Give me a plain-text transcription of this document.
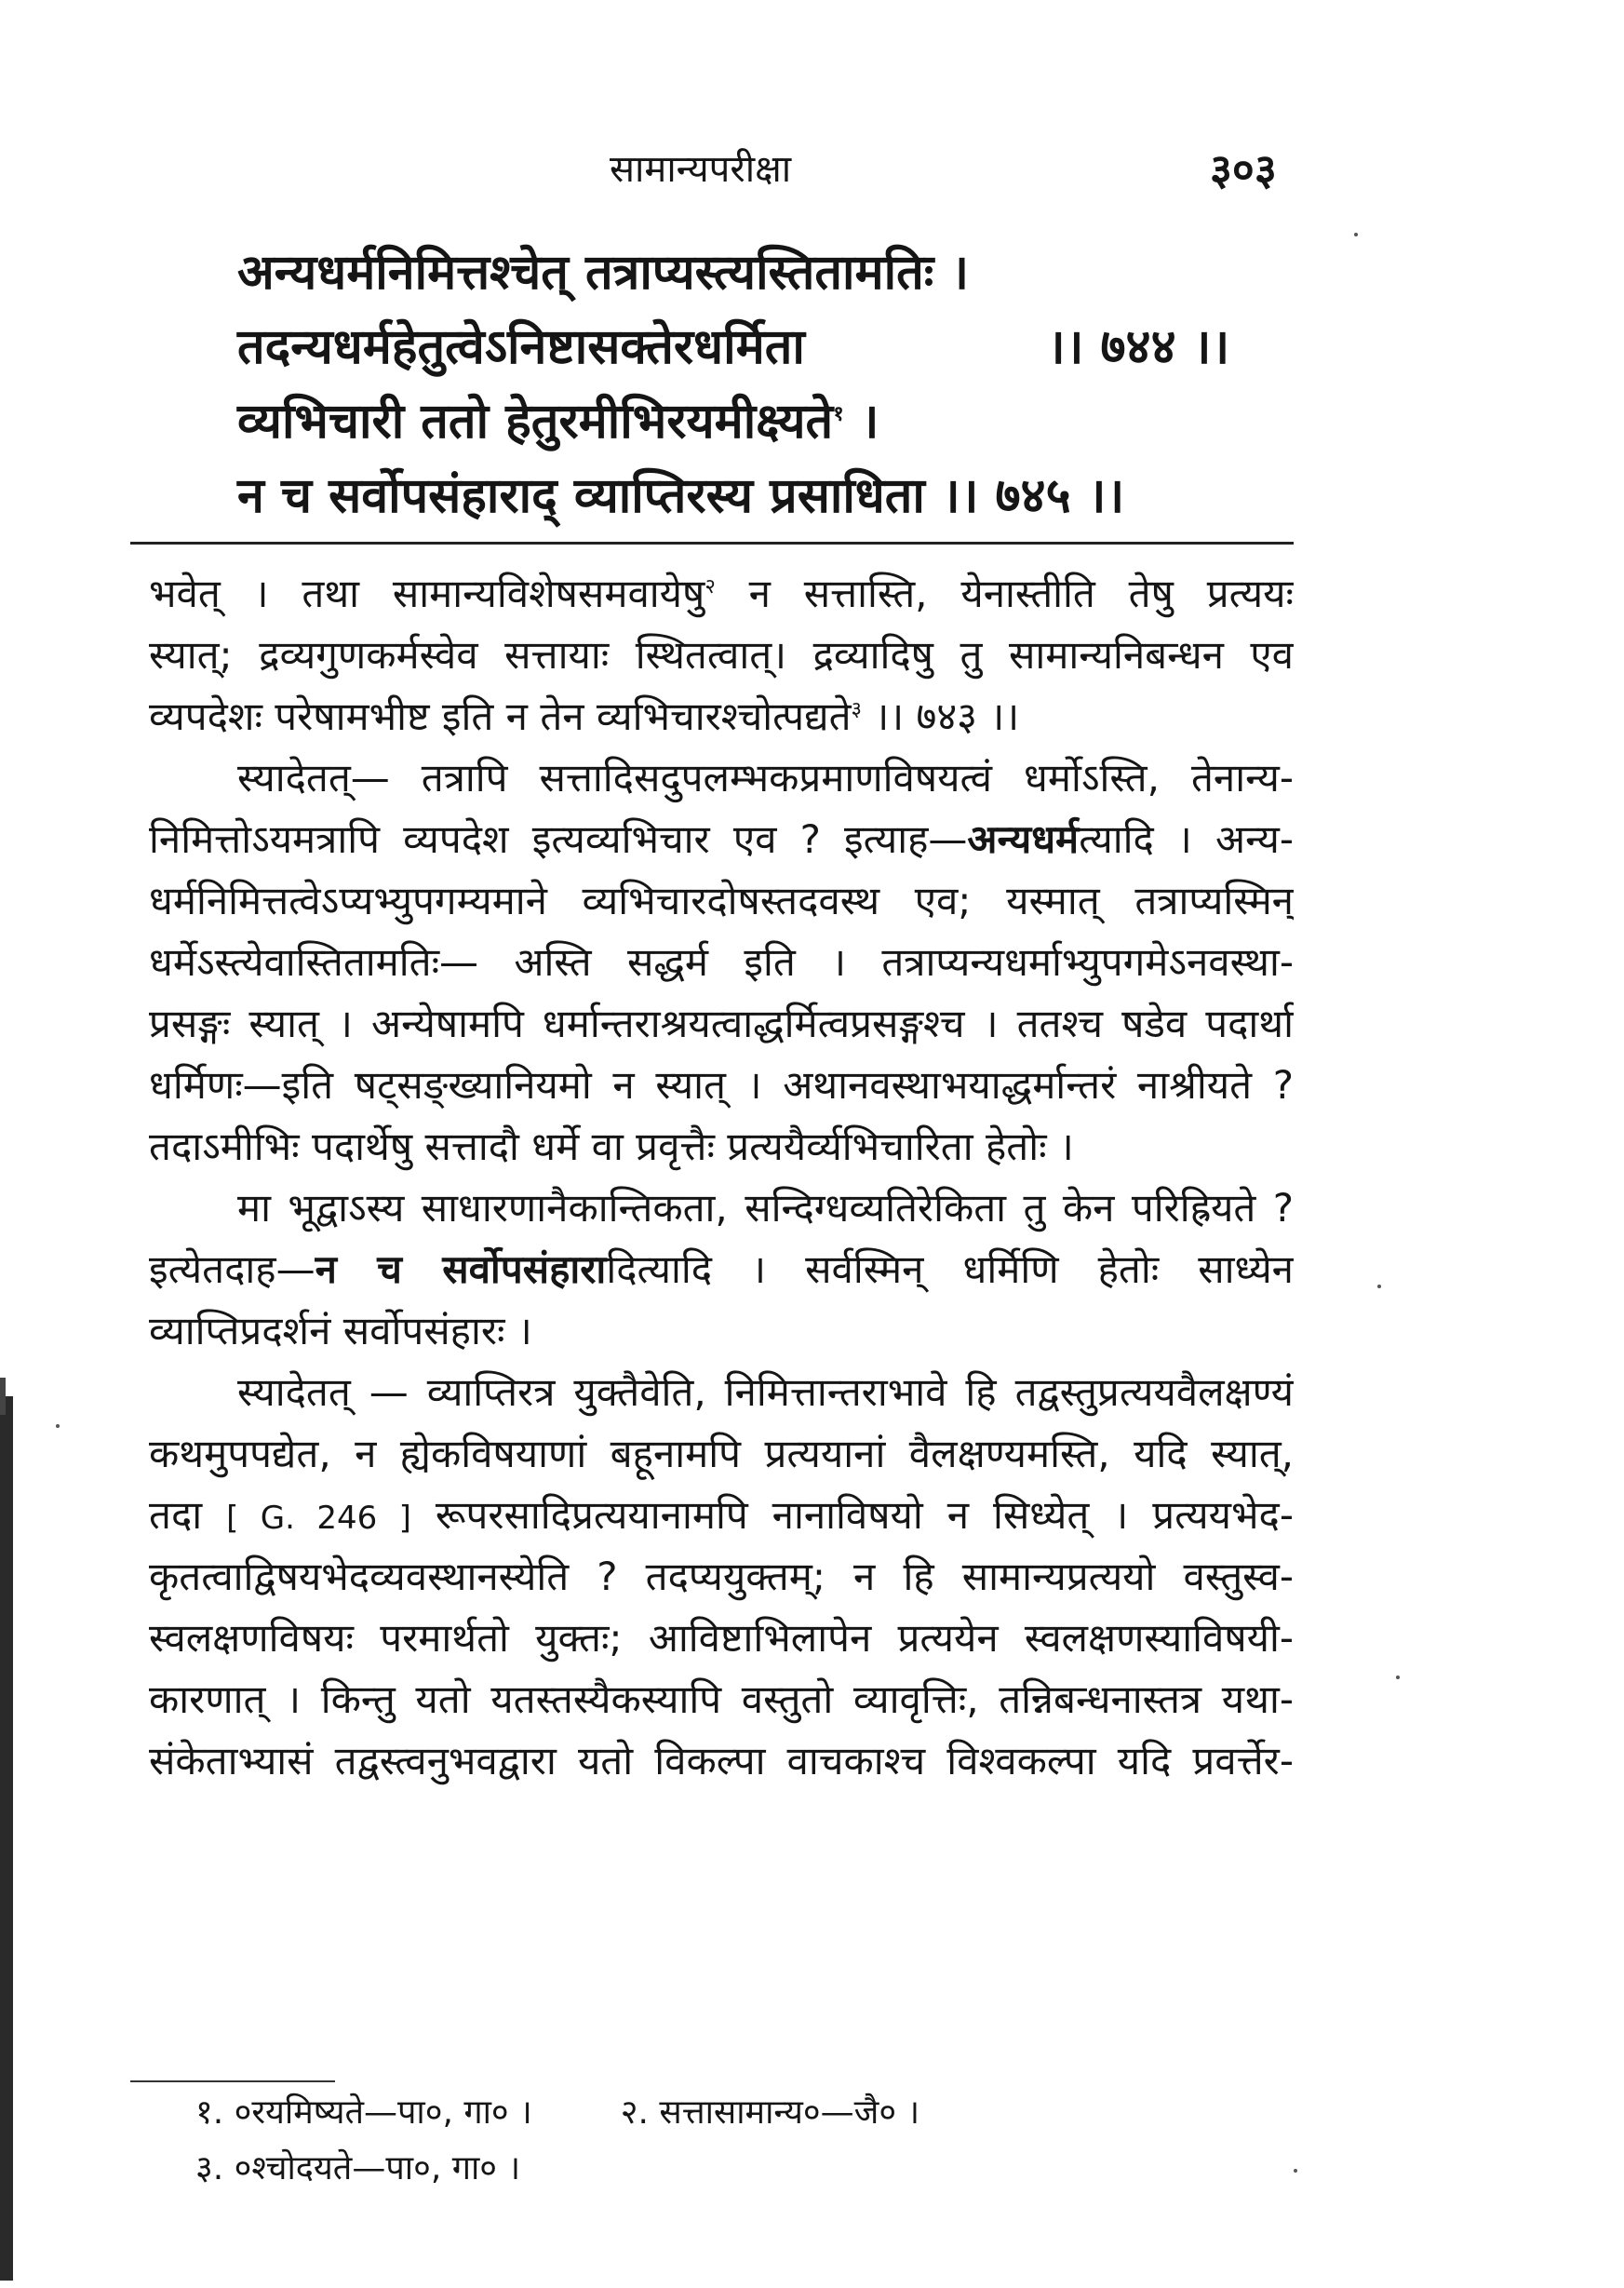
सामान्यपरीक्षा	३०३
अन्यधर्मनिमित्तश्चेत् तत्राप्यस्त्यस्तितामतिः ।
तदन्यधर्महेतुत्वेऽनिष्टासक्तेरधर्मिता	।। ७४४ ।।
व्यभिचारी ततो हेतुरमीभिरयमीक्ष्यते$^१$ ।
न च सर्वोपसंहाराद् व्याप्तिरस्य प्रसाधिता ।। ७४५ ।।
भवेत् । तथा सामान्यविशेषसमवायेषु$^२$ न सत्तास्ति, येनास्तीति तेषु प्रत्ययः
स्यात्; द्रव्यगुणकर्मस्वेव सत्तायाः स्थितत्वात्। द्रव्यादिषु तु सामान्यनिबन्धन एव
व्यपदेशः परेषामभीष्ट इति न तेन व्यभिचारश्चोत्पद्यते$^३$ ।। ७४३ ।।
स्यादेतत्— तत्रापि सत्तादिसदुपलम्भकप्रमाणविषयत्वं धर्मोऽस्ति, तेनान्य-
निमित्तोऽयमत्रापि व्यपदेश इत्यव्यभिचार एव ? इत्याह—अन्यधर्मत्यादि । अन्य-
धर्मनिमित्तत्वेऽप्यभ्युपगम्यमाने व्यभिचारदोषस्तदवस्थ एव; यस्मात् तत्राप्यस्मिन्
धर्मेऽस्त्येवास्तितामतिः— अस्ति सद्धर्म इति । तत्राप्यन्यधर्माभ्युपगमेऽनवस्था-
प्रसङ्गः स्यात् । अन्येषामपि धर्मान्तराश्रयत्वाद्धर्मित्वप्रसङ्गश्च । ततश्च षडेव पदार्था
धर्मिणः—इति षट्सङ्ख्यानियमो न स्यात् । अथानवस्थाभयाद्धर्मान्तरं नाश्रीयते ?
तदाऽमीभिः पदार्थेषु सत्तादौ धर्मे वा प्रवृत्तैः प्रत्ययैर्व्यभिचारिता हेतोः ।
मा भूद्वाऽस्य साधारणानैकान्तिकता, सन्दिग्धव्यतिरेकिता तु केन परिह्रियते ?
इत्येतदाह—न च सर्वोपसंहारादित्यादि । सर्वस्मिन् धर्मिणि हेतोः साध्येन
व्याप्तिप्रदर्शनं सर्वोपसंहारः ।
स्यादेतत् — व्याप्तिरत्र युक्तैवेति, निमित्तान्तराभावे हि तद्वस्तुप्रत्ययवैलक्षण्यं
कथमुपपद्येत, न ह्येकविषयाणां बहूनामपि प्रत्ययानां वैलक्षण्यमस्ति, यदि स्यात्,
तदा [ G. 246 ] रूपरसादिप्रत्ययानामपि नानाविषयो न सिध्येत् । प्रत्ययभेद-
कृतत्वाद्विषयभेदव्यवस्थानस्येति ? तदप्ययुक्तम्; न हि सामान्यप्रत्ययो वस्तुस्व-
स्वलक्षणविषयः परमार्थतो युक्तः; आविष्टाभिलापेन प्रत्ययेन स्वलक्षणस्याविषयी-
कारणात् । किन्तु यतो यतस्तस्यैकस्यापि वस्तुतो व्यावृत्तिः, तन्निबन्धनास्तत्र यथा-
संकेताभ्यासं तद्वस्त्वनुभवद्वारा यतो विकल्पा वाचकाश्च विश्वकल्पा यदि प्रवर्त्तेर-
१. ०रयमिष्यते—पा०, गा० ।	२. सत्तासामान्य०—जै० ।
३. ०श्चोदयते—पा०, गा० ।
